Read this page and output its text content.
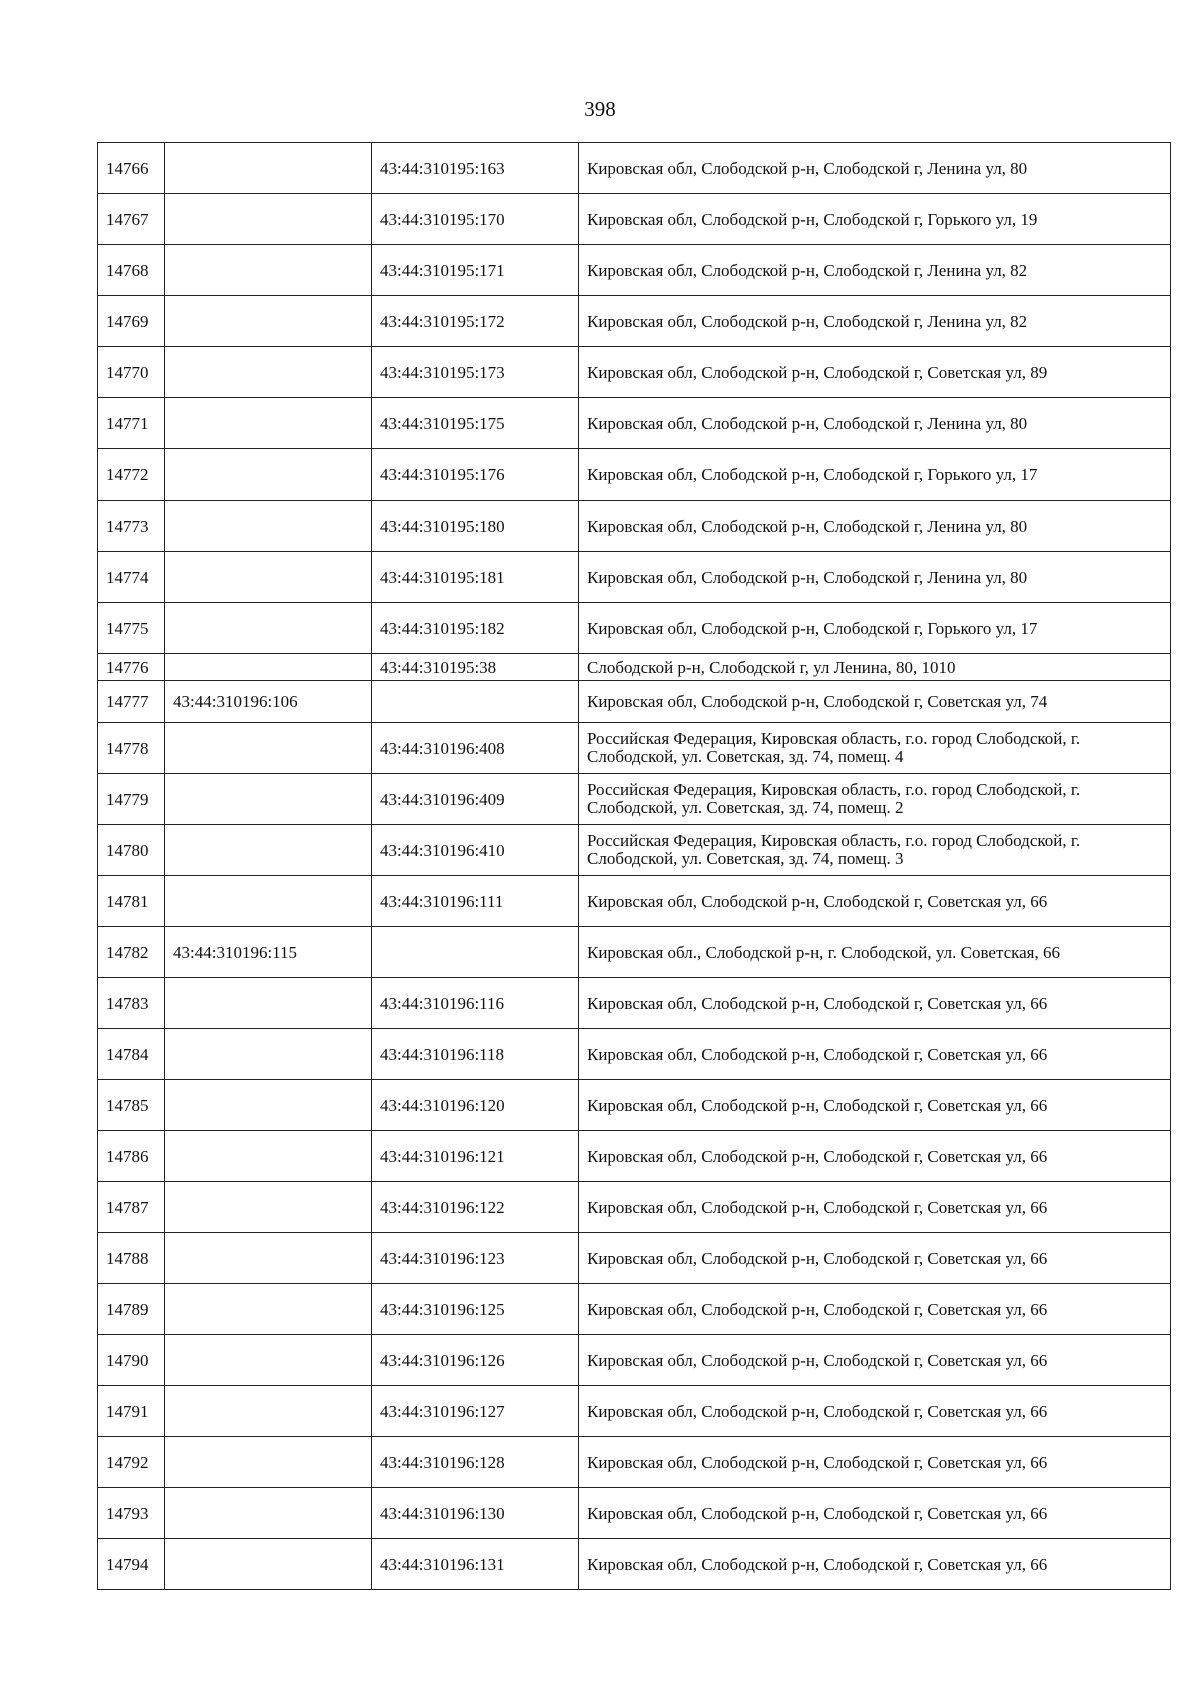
398
14766		43:44:310195:163	Кировская обл, Слободской р-н, Слободской г, Ленина ул, 80
14767		43:44:310195:170	Кировская обл, Слободской р-н, Слободской г, Горького ул, 19
14768		43:44:310195:171	Кировская обл, Слободской р-н, Слободской г, Ленина ул, 82
14769		43:44:310195:172	Кировская обл, Слободской р-н, Слободской г, Ленина ул, 82
14770		43:44:310195:173	Кировская обл, Слободской р-н, Слободской г, Советская ул, 89
14771		43:44:310195:175	Кировская обл, Слободской р-н, Слободской г, Ленина ул, 80
14772		43:44:310195:176	Кировская обл, Слободской р-н, Слободской г, Горького ул, 17
14773		43:44:310195:180	Кировская обл, Слободской р-н, Слободской г, Ленина ул, 80
14774		43:44:310195:181	Кировская обл, Слободской р-н, Слободской г, Ленина ул, 80
14775		43:44:310195:182	Кировская обл, Слободской р-н, Слободской г, Горького ул, 17
14776		43:44:310195:38	Слободской р-н, Слободской г, ул Ленина, 80, 1010
14777	43:44:310196:106		Кировская обл, Слободской р-н, Слободской г, Советская ул, 74
14778		43:44:310196:408	Российская Федерация, Кировская область, г.о. город Слободской, г. Слободской, ул. Советская, зд. 74, помещ. 4
14779		43:44:310196:409	Российская Федерация, Кировская область, г.о. город Слободской, г. Слободской, ул. Советская, зд. 74, помещ. 2
14780		43:44:310196:410	Российская Федерация, Кировская область, г.о. город Слободской, г. Слободской, ул. Советская, зд. 74, помещ. 3
14781		43:44:310196:111	Кировская обл, Слободской р-н, Слободской г, Советская ул, 66
14782	43:44:310196:115		Кировская обл., Слободской р-н, г. Слободской, ул. Советская, 66
14783		43:44:310196:116	Кировская обл, Слободской р-н, Слободской г, Советская ул, 66
14784		43:44:310196:118	Кировская обл, Слободской р-н, Слободской г, Советская ул, 66
14785		43:44:310196:120	Кировская обл, Слободской р-н, Слободской г, Советская ул, 66
14786		43:44:310196:121	Кировская обл, Слободской р-н, Слободской г, Советская ул, 66
14787		43:44:310196:122	Кировская обл, Слободской р-н, Слободской г, Советская ул, 66
14788		43:44:310196:123	Кировская обл, Слободской р-н, Слободской г, Советская ул, 66
14789		43:44:310196:125	Кировская обл, Слободской р-н, Слободской г, Советская ул, 66
14790		43:44:310196:126	Кировская обл, Слободской р-н, Слободской г, Советская ул, 66
14791		43:44:310196:127	Кировская обл, Слободской р-н, Слободской г, Советская ул, 66
14792		43:44:310196:128	Кировская обл, Слободской р-н, Слободской г, Советская ул, 66
14793		43:44:310196:130	Кировская обл, Слободской р-н, Слободской г, Советская ул, 66
14794		43:44:310196:131	Кировская обл, Слободской р-н, Слободской г, Советская ул, 66
